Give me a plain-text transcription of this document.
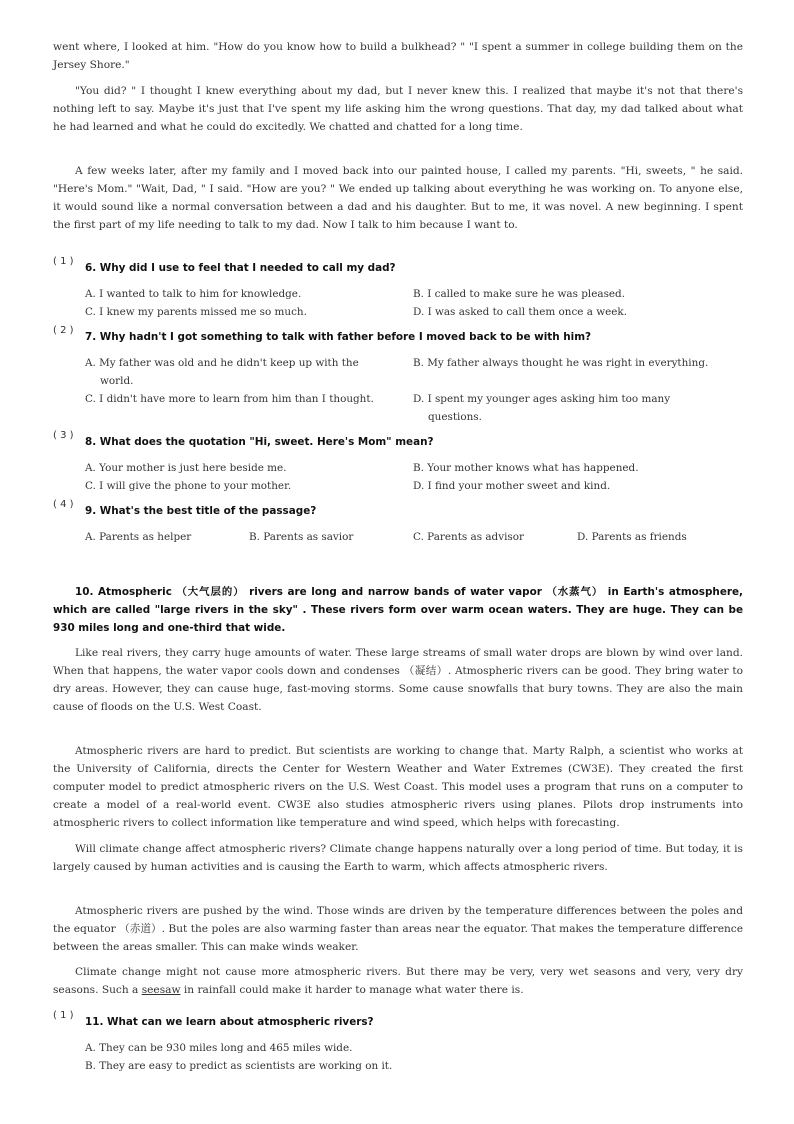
went where, I looked at him. "How do you know how to build a bulkhead? " "I spent a summer in college building them on the Jersey Shore."

"You did? " I thought I knew everything about my dad, but I never knew this. I realized that maybe it's not that there's nothing left to say. Maybe it's just that I've spent my life asking him the wrong questions. That day, my dad talked about what he had learned and what he could do excitedly. We chatted and chatted for a long time.

A few weeks later, after my family and I moved back into our painted house, I called my parents. "Hi, sweets, " he said. "Here's Mom." "Wait, Dad, " I said. "How are you? " We ended up talking about everything he was working on. To anyone else, it would sound like a normal conversation between a dad and his daughter. But to me, it was novel. A new beginning. I spent the first part of my life needing to talk to my dad. Now I talk to him because I want to.

( 1 )
6. Why did I use to feel that I needed to call my dad?
A. I wanted to talk to him for knowledge.	B. I called to make sure he was pleased.
C. I knew my parents missed me so much.	D. I was asked to call them once a week.
( 2 )
7. Why hadn't I got something to talk with father before I moved back to be with him?
A. My father was old and he didn't keep up with the world.
B. My father always thought he was right in everything.
C. I didn't have more to learn from him than I thought.	D. I spent my younger ages asking him too many questions.
( 3 )
8. What does the quotation "Hi, sweet. Here's Mom" mean?
A. Your mother is just here beside me.	B. Your mother knows what has happened.
C. I will give the phone to your mother.	D. I find your mother sweet and kind.
( 4 )
9. What's the best title of the passage?
A. Parents as helper	B. Parents as savior	C. Parents as advisor	D. Parents as friends

10. Atmospheric （大气层的） rivers are long and narrow bands of water vapor （水蒸气） in Earth's atmosphere, which are called "large rivers in the sky" . These rivers form over warm ocean waters. They are huge. They can be 930 miles long and one-third that wide.

Like real rivers, they carry huge amounts of water. These large streams of small water drops are blown by wind over land. When that happens, the water vapor cools down and condenses （凝结）. Atmospheric rivers can be good. They bring water to dry areas. However, they can cause huge, fast-moving storms. Some cause snowfalls that bury towns. They are also the main cause of floods on the U.S. West Coast.

Atmospheric rivers are hard to predict. But scientists are working to change that. Marty Ralph, a scientist who works at the University of California, directs the Center for Western Weather and Water Extremes (CW3E). They created the first computer model to predict atmospheric rivers on the U.S. West Coast. This model uses a program that runs on a computer to create a model of a real-world event. CW3E also studies atmospheric rivers using planes. Pilots drop instruments into atmospheric rivers to collect information like temperature and wind speed, which helps with forecasting.

Will climate change affect atmospheric rivers? Climate change happens naturally over a long period of time. But today, it is largely caused by human activities and is causing the Earth to warm, which affects atmospheric rivers.

Atmospheric rivers are pushed by the wind. Those winds are driven by the temperature differences between the poles and the equator （赤道）. But the poles are also warming faster than areas near the equator. That makes the temperature difference between the areas smaller. This can make winds weaker.

Climate change might not cause more atmospheric rivers. But there may be very, very wet seasons and very, very dry seasons. Such a seesaw in rainfall could make it harder to manage what water there is.

( 1 )
11. What can we learn about atmospheric rivers?
A. They can be 930 miles long and 465 miles wide.
B. They are easy to predict as scientists are working on it.
